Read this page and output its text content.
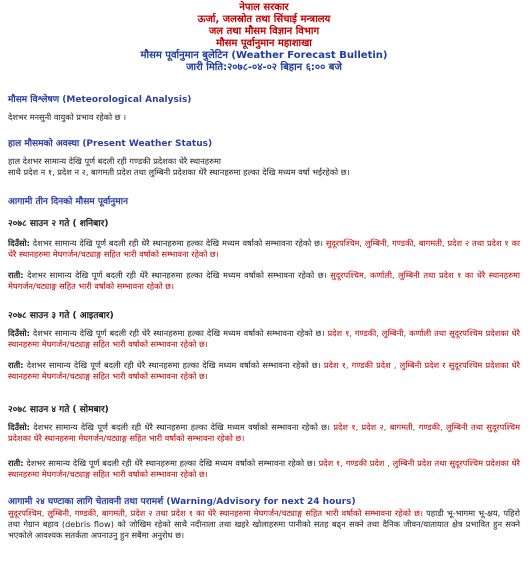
नेपाल सरकार
ऊर्जा, जलस्रोत तथा सिंचाई मन्त्रालय
जल तथा मौसम विज्ञान विभाग
मौसम पूर्वानुमान महाशाखा
मौसम पूर्वानुमान बुलेटिन (Weather Forecast Bulletin)
जारी मिति:२०७८-०४-०२ बिहान ६:०० बजे
मौसम विश्लेषण (Meteorological Analysis)
देशभर मनसुनी वायुको प्रभाव रहेको छ ।
हाल मौसमको अवस्था (Present Weather Status)
हाल देशभर सामान्य देखि पूर्ण बदली रही गण्डकी प्रदेशका धेरै स्थानहरुमा
साथै प्रदेश न १, प्रदेश न २, बागमती प्रदेश तथा लुम्बिनी प्रदेशका धेरै स्थानहरुमा हल्का देखि मध्यम वर्षा भईरहेको छ।
आगामी तीन दिनको मौसम पूर्वानुमान
२०७८ साउन २ गते ( शनिबार)
दिउँसो: देशभर सामान्य देखि पूर्ण बदली रही धेरै स्थानहरुमा हल्का देखि मध्यम वर्षाको सम्भावना रहेको छ। सुदूरपश्चिम, लुम्बिनी, गण्डकी, बागमती, प्रदेश २ तथा प्रदेश १ का धेरै स्थानहरुमा मेघगर्जन/चट्याङ्ग सहित भारी वर्षाको सम्भावना रहेको छ।
राती: देशभर सामान्य देखि पूर्ण बदली रही धेरै स्थानहरुमा हल्का देखि मध्यम वर्षाको सम्भावना रहेको छ। सुदूरपश्चिम, कर्णाली, लुम्बिनी तथा प्रदेश १ का धेरै स्थानहरुमा मेघगर्जन/चट्याङ्ग सहित भारी वर्षाको सम्भावना रहेको छ।
२०७८ साउन ३ गते ( आइतबार)
दिउँसो: देशभर सामान्य देखि पूर्ण बदली रही धेरै स्थानहरुमा हल्का देखि मध्यम वर्षाको सम्भावना रहेको छ। प्रदेश १, गण्डकी, लुम्बिनी, कर्णाली तथा सुदूरपश्चिम प्रदेशका धेरै स्थानहरुमा मेघगर्जन/चट्याङ्ग सहित भारी वर्षाको सम्भावना रहेको छ।
राती: देशभर सामान्य देखि पूर्ण बदली रही धेरै स्थानहरुमा हल्का देखि मध्यम वर्षाको सम्भावना रहेको छ। प्रदेश १, गण्डकी प्रदेश , लुम्बिनी प्रदेश र सुदूरपश्चिम प्रदेशका धेरै स्थानहरुमा मेघगर्जन/चट्याङ्ग सहित भारी वर्षाको सम्भावना रहेको छ।
२०७८ साउन ४ गते ( सोमबार)
दिउँसो: देशभर सामान्य देखि पूर्ण बदली रही धेरै स्थानहरुमा हल्का देखि मध्यम वर्षाको सम्भावना रहेको छ। प्रदेश १, प्रदेश २, बागमती, गण्डकी, लुम्बिनी तथा सुदूरपश्चिम प्रदेशका धेरै स्थानहरुमा मेघगर्जन/चट्याङ्ग सहित भारी वर्षाको सम्भावना रहेको छ।
राती: देशभर सामान्य देखि पूर्ण बदली रही धेरै स्थानहरुमा हल्का देखि मध्यम वर्षाको सम्भावना रहेको छ। प्रदेश १, गण्डकी प्रदेश , लुम्बिनी प्रदेश तथा सुदूरपश्चिम प्रदेशका धेरै स्थानहरुमा मेघगर्जन/चट्याङ्ग सहित भारी वर्षाको सम्भावना रहेको छ।
आगामी २४ घण्टाका लागि चेतावनी तथा परामर्श (Warning/Advisory for next 24 hours)
सुदूरपश्चिम, लुम्बिनी, गण्डकी, बागमती, प्रदेश २ तथा प्रदेश १ का धेरै स्थानहरुमा मेघगर्जन/चट्याङ्ग सहित भारी वर्षाको सम्भावना रहेको छ। पहाडी भू-भागमा भू-क्षय, पहिरो तथा गेग्रान बहाव (debris flow) को जोखिम रहेको साथै नदीनाला तथा खहरे खोलाहरुमा पानीको सतह बढ्न सक्ने तथा दैनिक जीवन/यातायात क्षेत्र प्रभावित हुन सक्ने भएकोले आवश्यक सतर्कता अपनाउनु हुन सबैमा अनुरोध छ।
